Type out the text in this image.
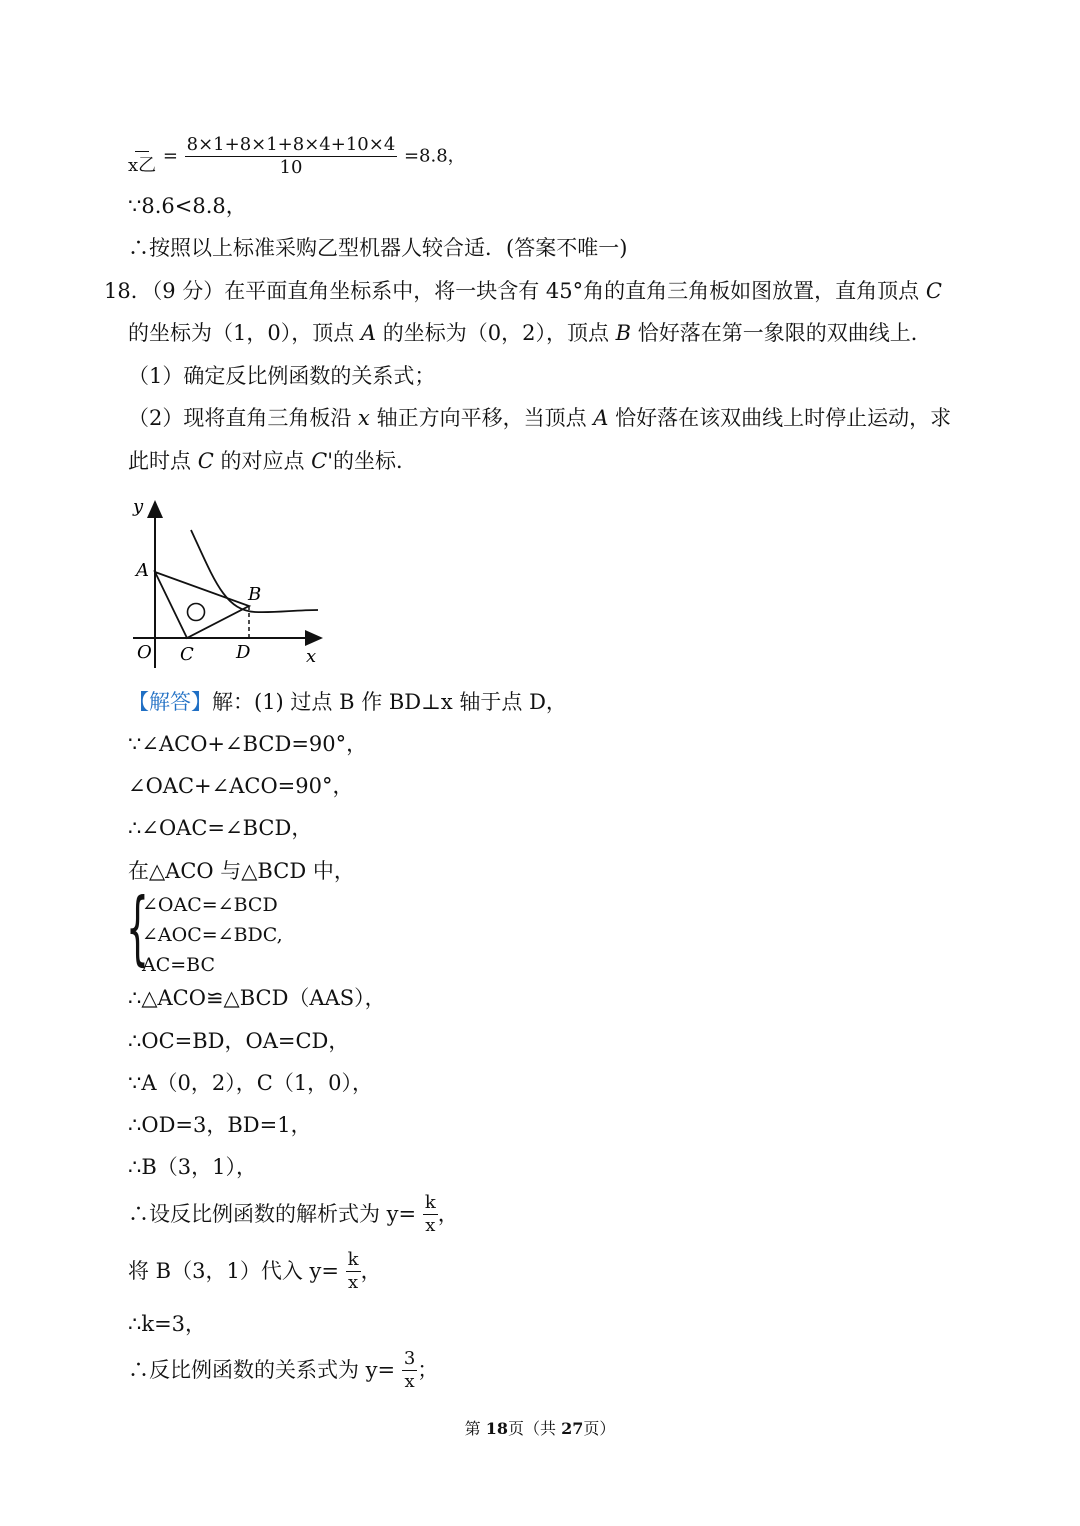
x乙 = $\frac{8\times 1+8\times 1+8\times 4+10\times 4}{10} =8.8$，
∵8.6<8.8，
∴按照以上标准采购乙型机器人较合适．(答案不唯一)
18．（9 分）在平面直角坐标系中，将一块含有 45°角的直角三角板如图放置，直角顶点 C
的坐标为（1，0），顶点 A 的坐标为（0，2），顶点 B 恰好落在第一象限的双曲线上．
（1）确定反比例函数的关系式；
（2）现将直角三角板沿 x 轴正方向平移，当顶点 A 恰好落在该双曲线上时停止运动，求
此时点 C 的对应点 C'的坐标．
y
A
B
O C D	x
【解答】解：(1) 过点 B 作 BD⊥x 轴于点 D，
∵∠ACO+∠BCD=90°，
∠OAC+∠ACO=90°，
∴∠OAC=∠BCD，
在△ACO 与△BCD 中，
{
∠OAC=∠BCD
∠AOC=∠BDC,
AC=BC
∴△ACO≌△BCD（AAS），
∴OC=BD，OA=CD，
∵A（0，2），C（1，0），
∴OD=3，BD=1，
∴B（3，1），
∴设反比例函数的解析式为 $y= \frac{k}{x}$ ，
将 B（3，1）代入 $y= \frac{k}{x}$ ，
∴k=3，
∴反比例函数的关系式为 $y= \frac{3}{x}$ ；
第 18页（共 27页）
